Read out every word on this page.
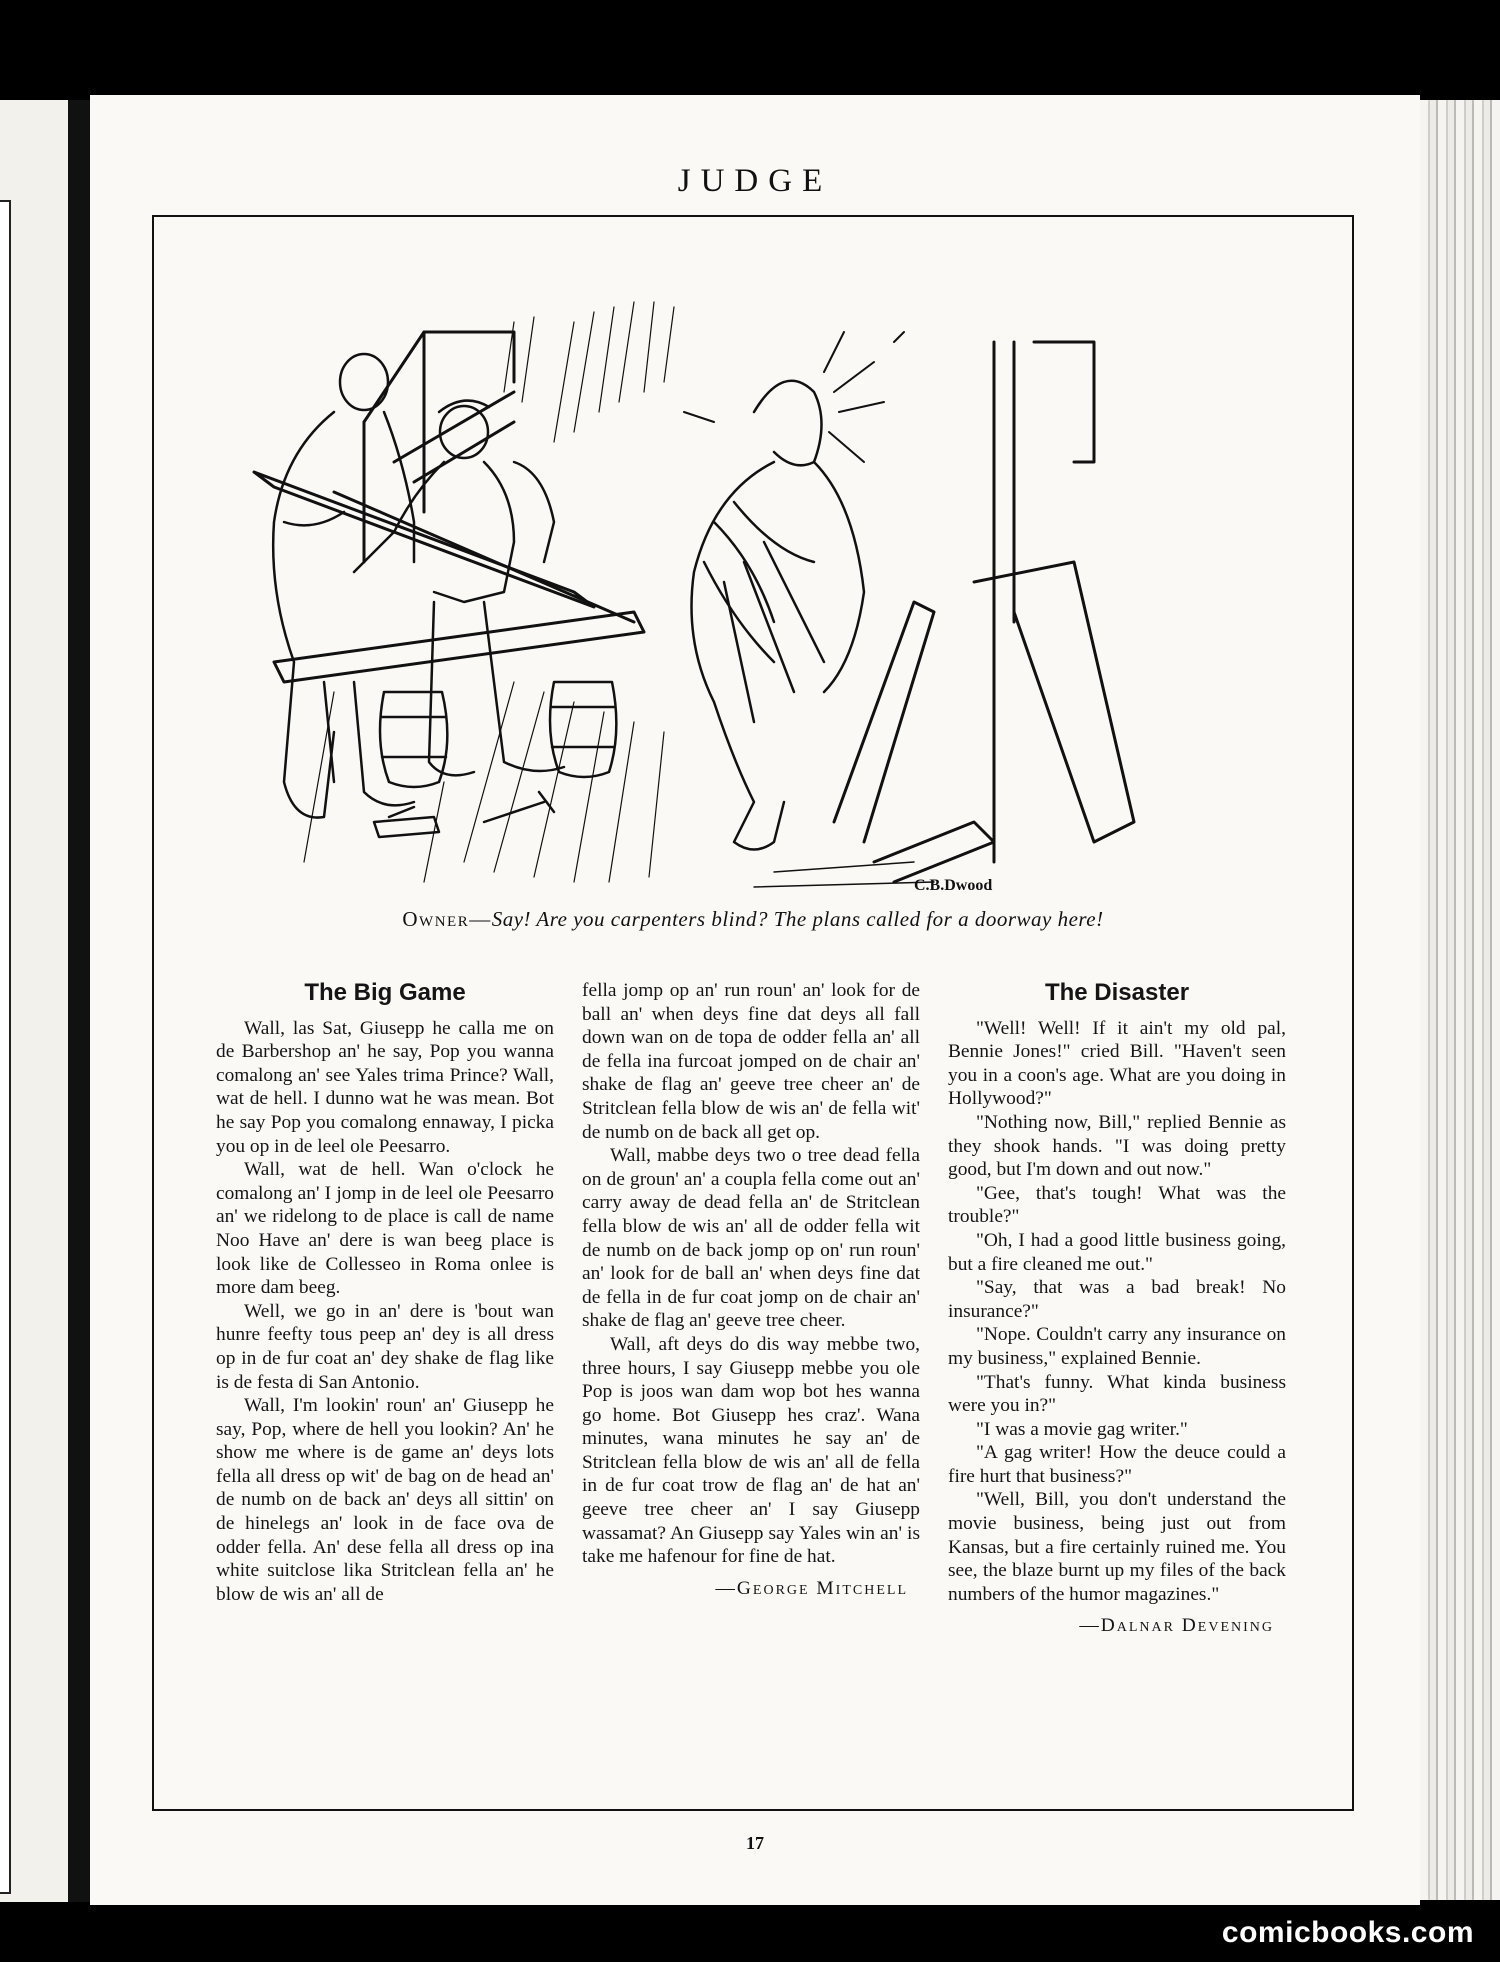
JUDGE
C.B.Dwood
Owner—Say! Are you carpenters blind? The plans called for a doorway here!
The Big Game

Wall, las Sat, Giusepp he calla me on de Barbershop an' he say, Pop you wanna comalong an' see Yales trima Prince? Wall, wat de hell. I dunno wat he was mean. Bot he say Pop you comalong ennaway, I picka you op in de leel ole Peesarro.

Wall, wat de hell. Wan o'clock he comalong an' I jomp in de leel ole Peesarro an' we ridelong to de place is call de name Noo Have an' dere is wan beeg place is look like de Collesseo in Roma onlee is more dam beeg.

Well, we go in an' dere is 'bout wan hunre feefty tous peep an' dey is all dress op in de fur coat an' dey shake de flag like is de festa di San Antonio.

Wall, I'm lookin' roun' an' Giusepp he say, Pop, where de hell you lookin? An' he show me where is de game an' deys lots fella all dress op wit' de bag on de head an' de numb on de back an' deys all sittin' on de hinelegs an' look in de face ova de odder fella. An' dese fella all dress op ina white suitclose lika Stritclean fella an' he blow de wis an' all de

fella jomp op an' run roun' an' look for de ball an' when deys fine dat deys all fall down wan on de topa de odder fella an' all de fella ina furcoat jomped on de chair an' shake de flag an' geeve tree cheer an' de Stritclean fella blow de wis an' de fella wit' de numb on de back all get op.

Wall, mabbe deys two o tree dead fella on de groun' an' a coupla fella come out an' carry away de dead fella an' de Stritclean fella blow de wis an' all de odder fella wit de numb on de back jomp op on' run roun' an' look for de ball an' when deys fine dat de fella in de fur coat jomp on de chair an' shake de flag an' geeve tree cheer.

Wall, aft deys do dis way mebbe two, three hours, I say Giusepp mebbe you ole Pop is joos wan dam wop bot hes wanna go home. Bot Giusepp hes craz'. Wana minutes, wana minutes he say an' de Stritclean fella blow de wis an' all de fella in de fur coat trow de flag an' de hat an' geeve tree cheer an' I say Giusepp wassamat? An Giusepp say Yales win an' is take me hafenour for fine de hat.

—George Mitchell

The Disaster

"Well! Well! If it ain't my old pal, Bennie Jones!" cried Bill. "Haven't seen you in a coon's age. What are you doing in Hollywood?"

"Nothing now, Bill," replied Bennie as they shook hands. "I was doing pretty good, but I'm down and out now."

"Gee, that's tough! What was the trouble?"

"Oh, I had a good little business going, but a fire cleaned me out."

"Say, that was a bad break! No insurance?"

"Nope. Couldn't carry any insurance on my business," explained Bennie.

"That's funny. What kinda business were you in?"

"I was a movie gag writer."

"A gag writer! How the deuce could a fire hurt that business?"

"Well, Bill, you don't understand the movie business, being just out from Kansas, but a fire certainly ruined me. You see, the blaze burnt up my files of the back numbers of the humor magazines."

—Dalnar Devening

17
comicbooks.com
